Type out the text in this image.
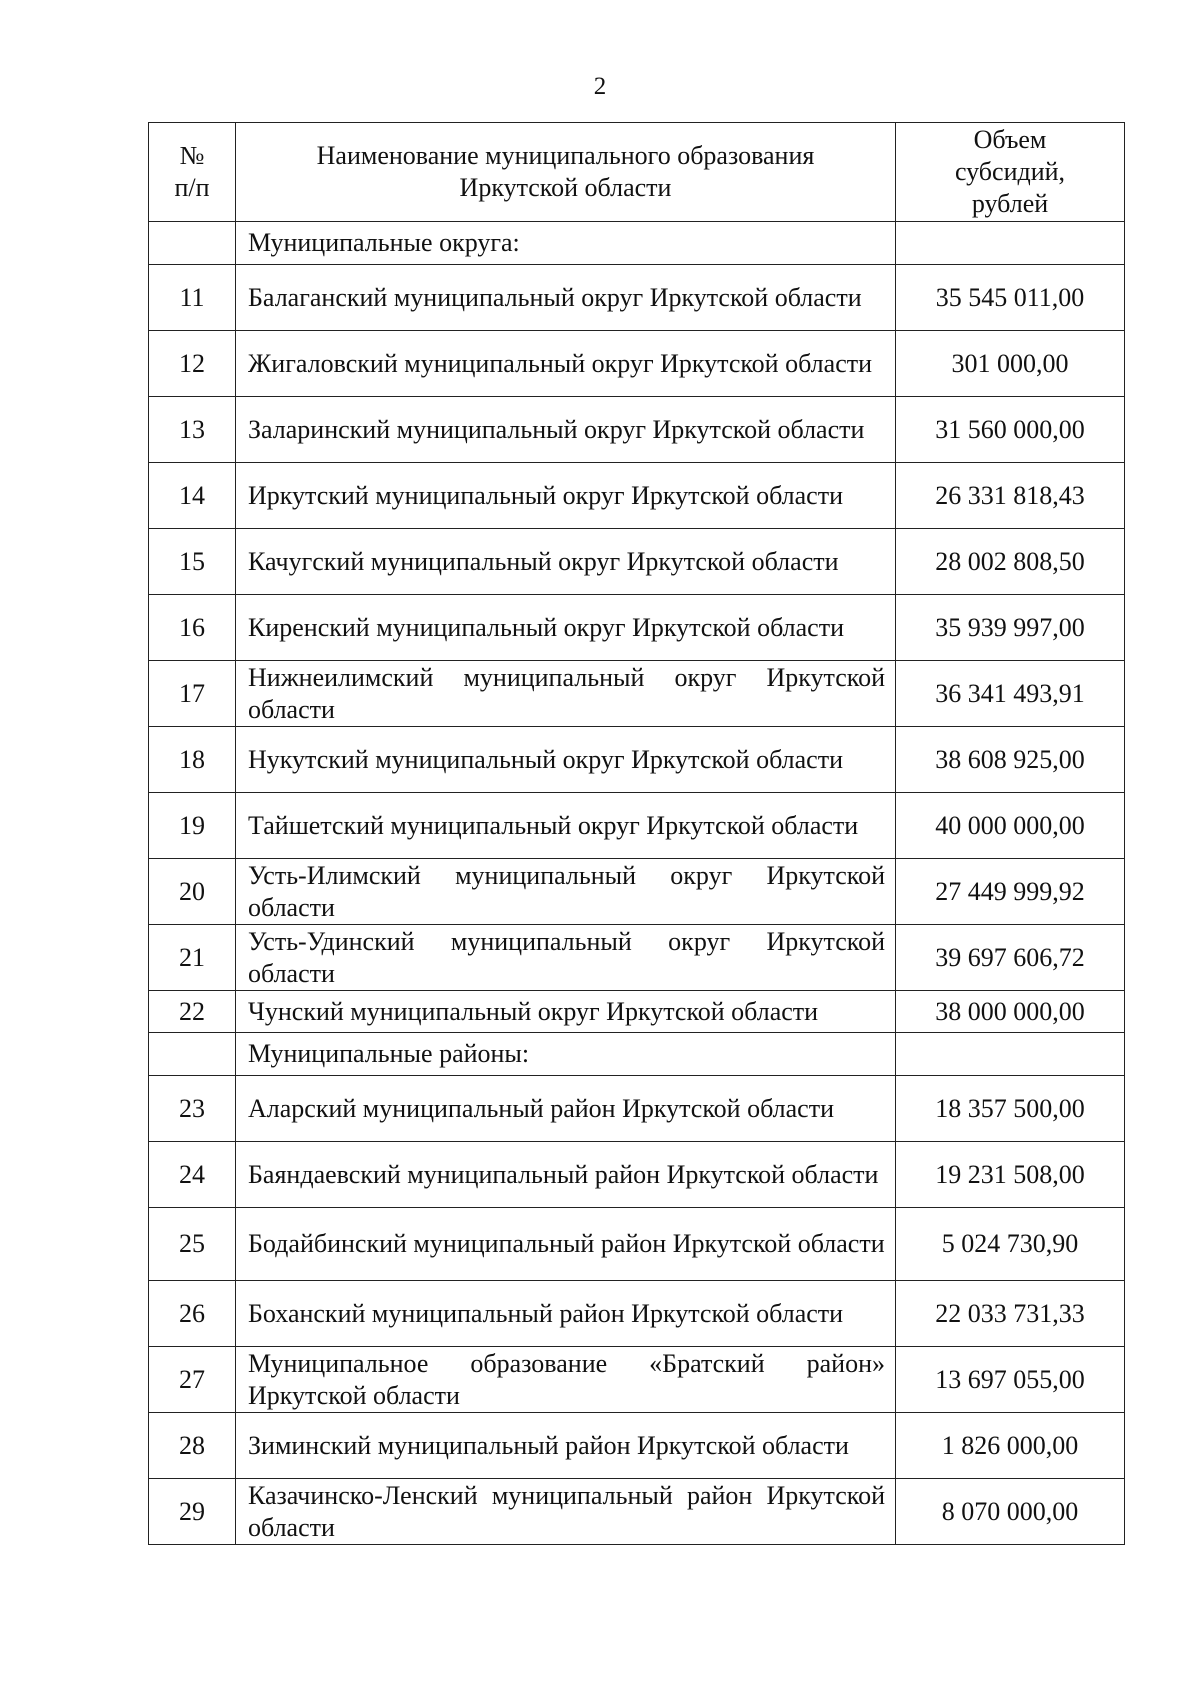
2
№ п/п	Наименование муниципального образования Иркутской области	Объем субсидий, рублей

	Муниципальные округа:	

11	Балаганский муниципальный округ Иркутской области	35 545 011,00
12	Жигаловский муниципальный округ Иркутской области	301 000,00
13	Заларинский муниципальный округ Иркутской области	31 560 000,00
14	Иркутский муниципальный округ Иркутской области	26 331 818,43
15	Качугский муниципальный округ Иркутской области	28 002 808,50
16	Киренский муниципальный округ Иркутской области	35 939 997,00
17	Нижнеилимский муниципальный округ Иркутской области	36 341 493,91
18	Нукутский муниципальный округ Иркутской области	38 608 925,00
19	Тайшетский муниципальный округ Иркутской области	40 000 000,00
20	Усть-Илимский муниципальный округ Иркутской области	27 449 999,92
21	Усть-Удинский муниципальный округ Иркутской области	39 697 606,72
22	Чунский муниципальный округ Иркутской области	38 000 000,00

	Муниципальные районы:	

23	Аларский муниципальный район Иркутской области	18 357 500,00
24	Баяндаевский муниципальный район Иркутской области	19 231 508,00
25	Бодайбинский муниципальный район Иркутской области	5 024 730,90
26	Боханский муниципальный район Иркутской области	22 033 731,33
27	Муниципальное образование «Братский район» Иркутской области	13 697 055,00
28	Зиминский муниципальный район Иркутской области	1 826 000,00
29	Казачинско-Ленский муниципальный район Иркутской области	8 070 000,00
